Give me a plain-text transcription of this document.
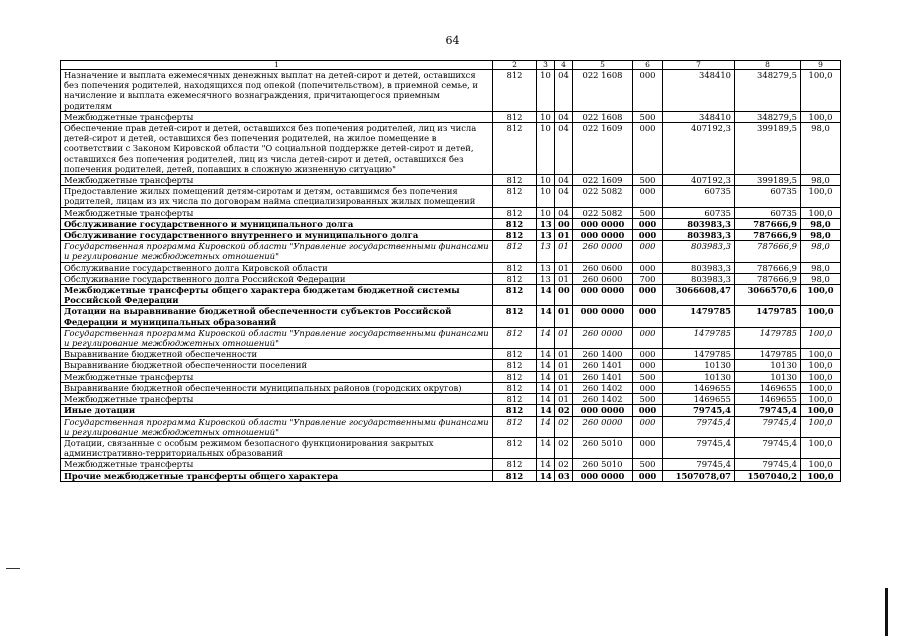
64
1	2	3	4	5	6	7	8	9
Назначение и выплата ежемесячных денежных выплат на детей-сирот и детей, оставшихся без попечения родителей, находящихся под опекой (попечительством), в приемной семье, и начисление и выплата ежемесячного вознаграждения, причитающегося приемным родителям	812	10	04	022 1608	000	348410	348279,5	100,0
Межбюджетные трансферты	812	10	04	022 1608	500	348410	348279,5	100,0
Обеспечение прав детей-сирот и детей, оставшихся без попечения родителей, лиц из числа детей-сирот и детей, оставшихся без попечения родителей, на жилое помещение в соответствии с Законом Кировской области "О социальной поддержке детей-сирот и детей, оставшихся без попечения родителей, лиц из числа детей-сирот и детей, оставшихся без попечения родителей, детей, попавших в сложную жизненную ситуацию"	812	10	04	022 1609	000	407192,3	399189,5	98,0
Межбюджетные трансферты	812	10	04	022 1609	500	407192,3	399189,5	98,0
Предоставление жилых помещений детям-сиротам и детям, оставшимся без попечения родителей, лицам из их числа по договорам найма специализированных жилых помещений	812	10	04	022 5082	000	60735	60735	100,0
Межбюджетные трансферты	812	10	04	022 5082	500	60735	60735	100,0
Обслуживание государственного и муниципального долга	812	13	00	000 0000	000	803983,3	787666,9	98,0
Обслуживание государственного внутреннего и муниципального долга	812	13	01	000 0000	000	803983,3	787666,9	98,0
Государственная программа Кировской области "Управление государственными финансами и регулирование межбюджетных отношений"	812	13	01	260 0000	000	803983,3	787666,9	98,0
Обслуживание государственного долга Кировской области	812	13	01	260 0600	000	803983,3	787666,9	98,0
Обслуживание государственного долга Российской Федерации	812	13	01	260 0600	700	803983,3	787666,9	98,0
Межбюджетные трансферты общего характера бюджетам бюджетной системы Российской Федерации	812	14	00	000 0000	000	3066608,47	3066570,6	100,0
Дотации на выравнивание бюджетной обеспеченности субъектов Российской Федерации и муниципальных образований	812	14	01	000 0000	000	1479785	1479785	100,0
Государственная программа Кировской области "Управление государственными финансами и регулирование межбюджетных отношений"	812	14	01	260 0000	000	1479785	1479785	100,0
Выравнивание бюджетной обеспеченности	812	14	01	260 1400	000	1479785	1479785	100,0
Выравнивание бюджетной обеспеченности поселений	812	14	01	260 1401	000	10130	10130	100,0
Межбюджетные трансферты	812	14	01	260 1401	500	10130	10130	100,0
Выравнивание бюджетной обеспеченности муниципальных районов (городских округов)	812	14	01	260 1402	000	1469655	1469655	100,0
Межбюджетные трансферты	812	14	01	260 1402	500	1469655	1469655	100,0
Иные дотации	812	14	02	000 0000	000	79745,4	79745,4	100,0
Государственная программа Кировской области "Управление государственными финансами и регулирование межбюджетных отношений"	812	14	02	260 0000	000	79745,4	79745,4	100,0
Дотации, связанные с особым режимом безопасного функционирования закрытых административно-территориальных образований	812	14	02	260 5010	000	79745,4	79745,4	100,0
Межбюджетные трансферты	812	14	02	260 5010	500	79745,4	79745,4	100,0
Прочие межбюджетные трансферты общего характера	812	14	03	000 0000	000	1507078,07	1507040,2	100,0
